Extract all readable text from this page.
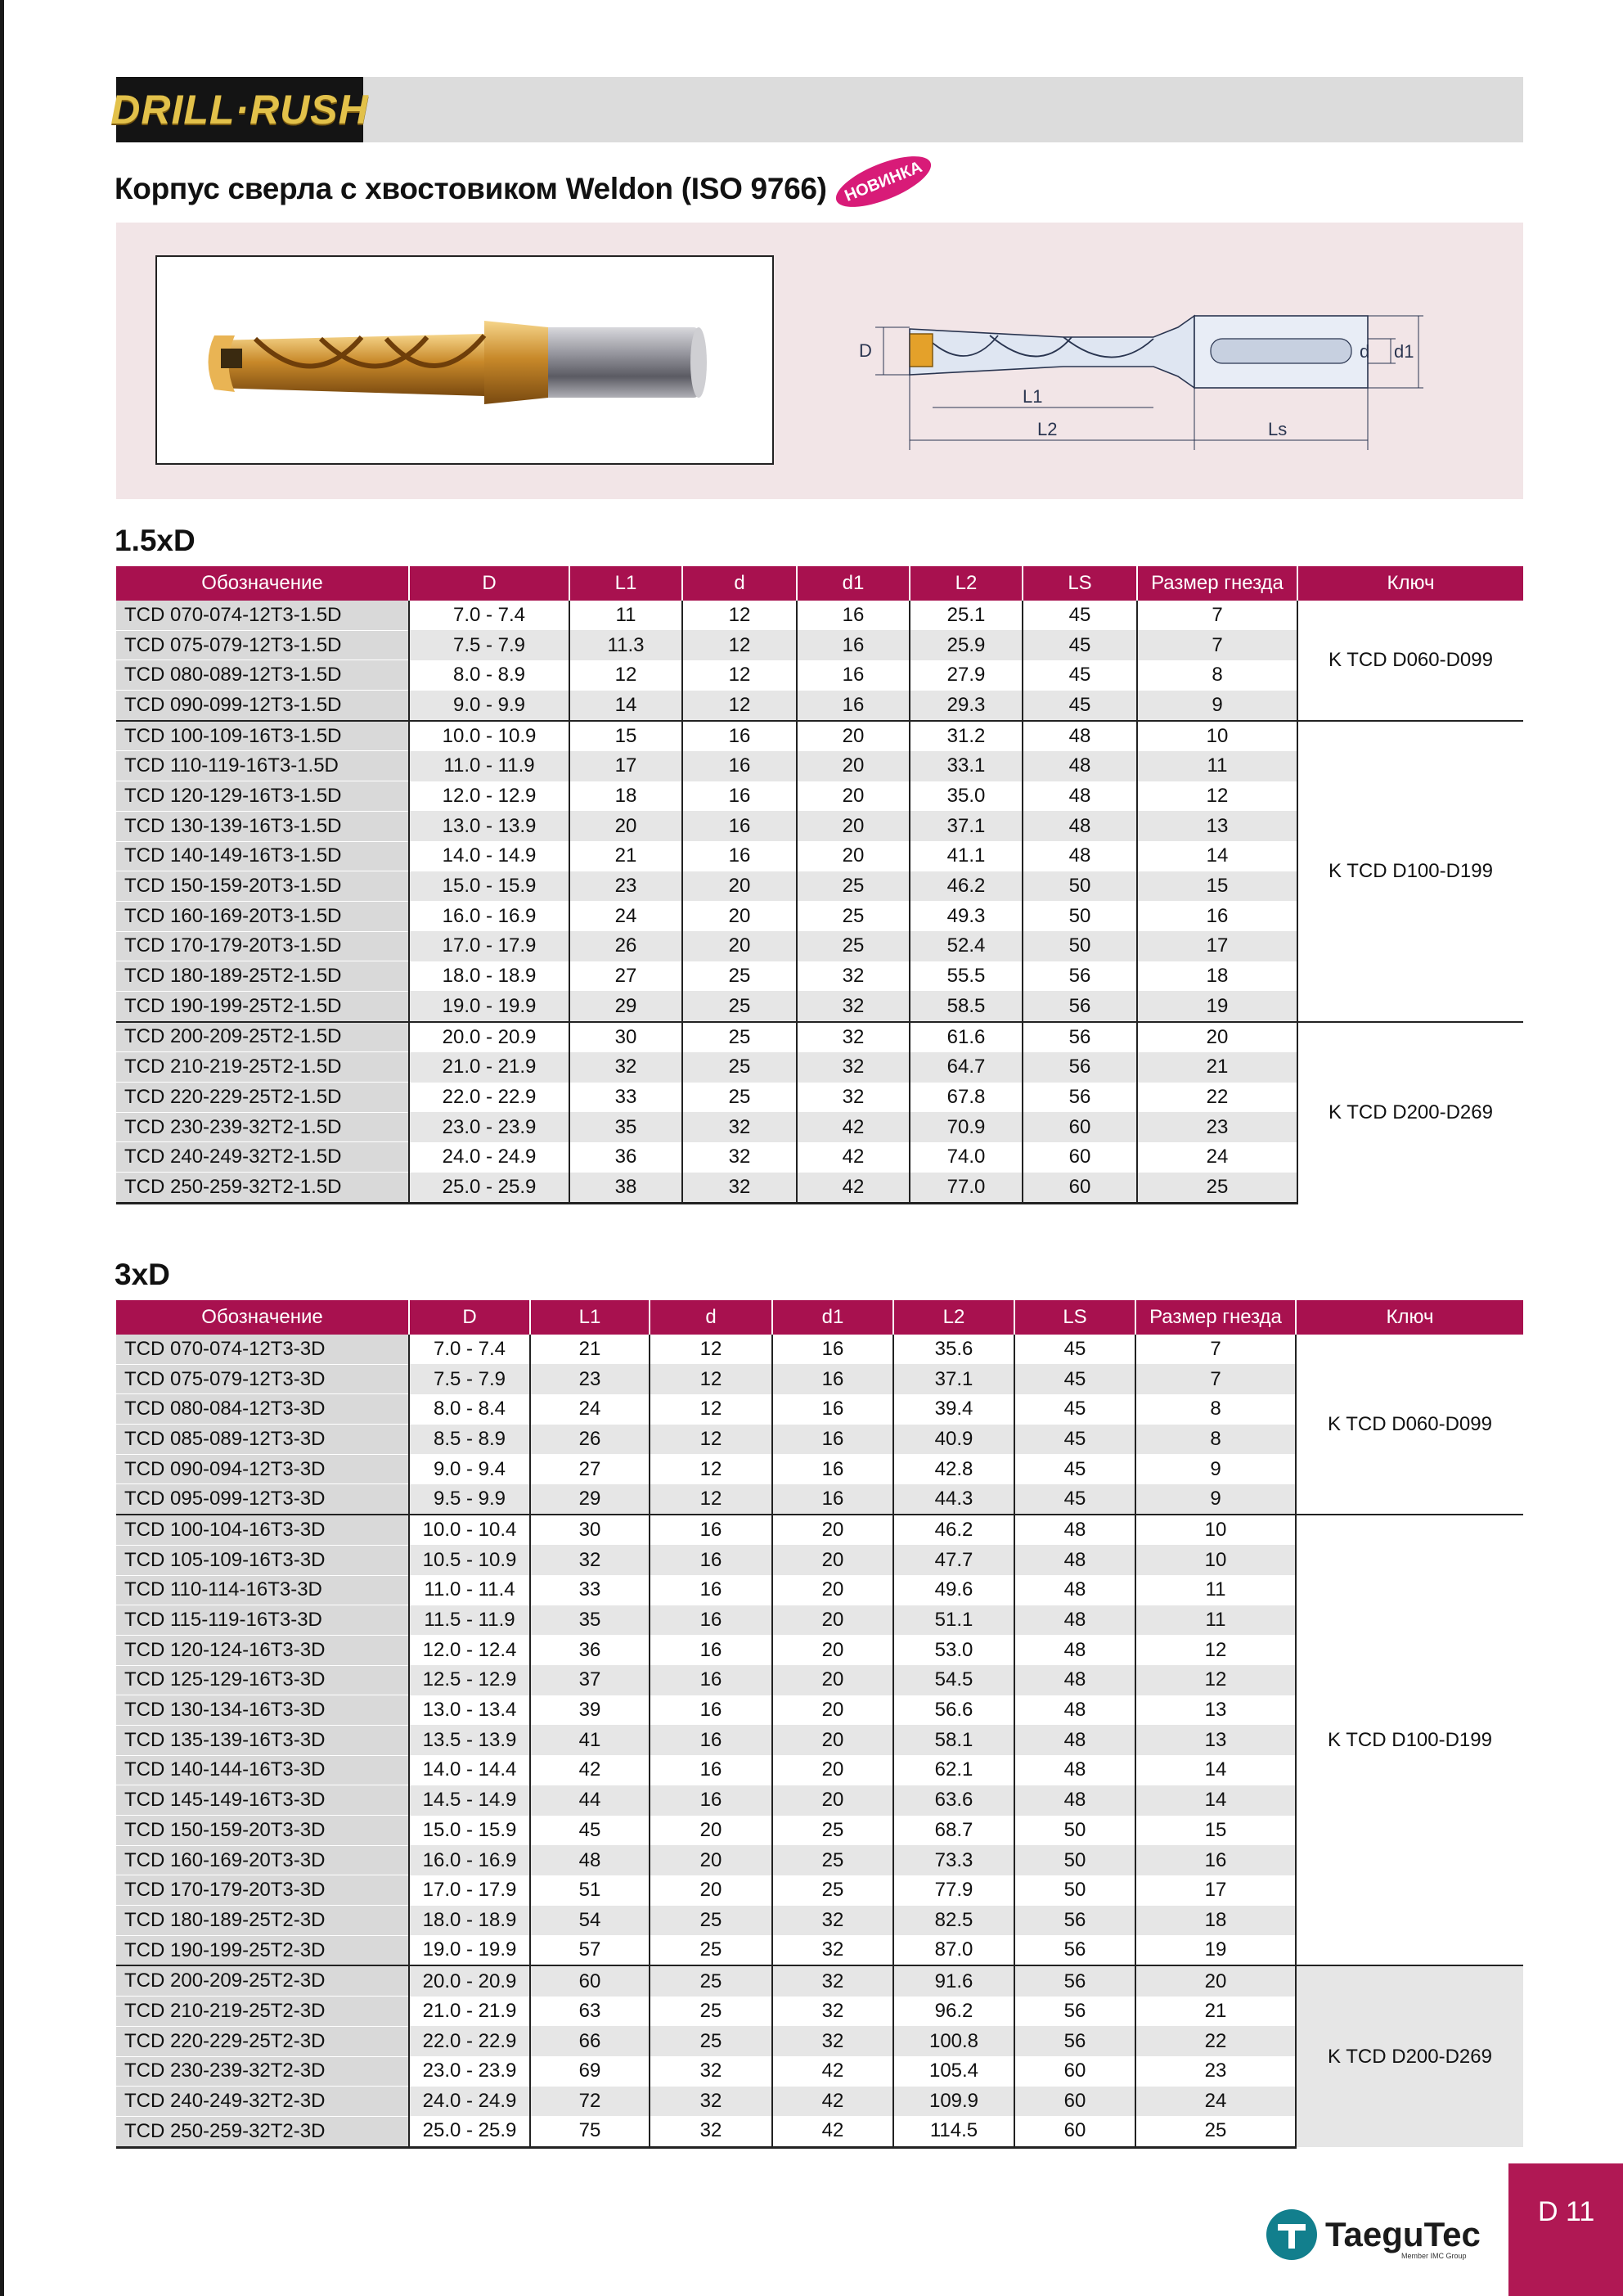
DRILL·RUSH
Корпус сверла с хвостовиком Weldon (ISO 9766) НОВИНКА
D
L1
L2	Ls
d d1
1.5xD
Обозначение	D	L1	d	d1	L2	LS	Размер гнезда	Ключ
TCD 070-074-12T3-1.5D	7.0 - 7.4	11	12	16	25.1	45	7	K TCD D060-D099
TCD 075-079-12T3-1.5D	7.5 - 7.9	11.3	12	16	25.9	45	7	
TCD 080-089-12T3-1.5D	8.0 - 8.9	12	12	16	27.9	45	8	
TCD 090-099-12T3-1.5D	9.0 - 9.9	14	12	16	29.3	45	9	
TCD 100-109-16T3-1.5D	10.0 - 10.9	15	16	20	31.2	48	10	K TCD D100-D199
TCD 110-119-16T3-1.5D	11.0 - 11.9	17	16	20	33.1	48	11	
TCD 120-129-16T3-1.5D	12.0 - 12.9	18	16	20	35.0	48	12	
TCD 130-139-16T3-1.5D	13.0 - 13.9	20	16	20	37.1	48	13	
TCD 140-149-16T3-1.5D	14.0 - 14.9	21	16	20	41.1	48	14	
TCD 150-159-20T3-1.5D	15.0 - 15.9	23	20	25	46.2	50	15	
TCD 160-169-20T3-1.5D	16.0 - 16.9	24	20	25	49.3	50	16	
TCD 170-179-20T3-1.5D	17.0 - 17.9	26	20	25	52.4	50	17	
TCD 180-189-25T2-1.5D	18.0 - 18.9	27	25	32	55.5	56	18	
TCD 190-199-25T2-1.5D	19.0 - 19.9	29	25	32	58.5	56	19	
TCD 200-209-25T2-1.5D	20.0 - 20.9	30	25	32	61.6	56	20	K TCD D200-D269
TCD 210-219-25T2-1.5D	21.0 - 21.9	32	25	32	64.7	56	21	
TCD 220-229-25T2-1.5D	22.0 - 22.9	33	25	32	67.8	56	22	
TCD 230-239-32T2-1.5D	23.0 - 23.9	35	32	42	70.9	60	23	
TCD 240-249-32T2-1.5D	24.0 - 24.9	36	32	42	74.0	60	24	
TCD 250-259-32T2-1.5D	25.0 - 25.9	38	32	42	77.0	60	25	
3xD
Обозначение	D	L1	d	d1	L2	LS	Размер гнезда	Ключ
TCD 070-074-12T3-3D	7.0 - 7.4	21	12	16	35.6	45	7	K TCD D060-D099
TCD 075-079-12T3-3D	7.5 - 7.9	23	12	16	37.1	45	7	
TCD 080-084-12T3-3D	8.0 - 8.4	24	12	16	39.4	45	8	
TCD 085-089-12T3-3D	8.5 - 8.9	26	12	16	40.9	45	8	
TCD 090-094-12T3-3D	9.0 - 9.4	27	12	16	42.8	45	9	
TCD 095-099-12T3-3D	9.5 - 9.9	29	12	16	44.3	45	9	
TCD 100-104-16T3-3D	10.0 - 10.4	30	16	20	46.2	48	10	K TCD D100-D199
TCD 105-109-16T3-3D	10.5 - 10.9	32	16	20	47.7	48	10	
TCD 110-114-16T3-3D	11.0 - 11.4	33	16	20	49.6	48	11	
TCD 115-119-16T3-3D	11.5 - 11.9	35	16	20	51.1	48	11	
TCD 120-124-16T3-3D	12.0 - 12.4	36	16	20	53.0	48	12	
TCD 125-129-16T3-3D	12.5 - 12.9	37	16	20	54.5	48	12	
TCD 130-134-16T3-3D	13.0 - 13.4	39	16	20	56.6	48	13	
TCD 135-139-16T3-3D	13.5 - 13.9	41	16	20	58.1	48	13	
TCD 140-144-16T3-3D	14.0 - 14.4	42	16	20	62.1	48	14	
TCD 145-149-16T3-3D	14.5 - 14.9	44	16	20	63.6	48	14	
TCD 150-159-20T3-3D	15.0 - 15.9	45	20	25	68.7	50	15	
TCD 160-169-20T3-3D	16.0 - 16.9	48	20	25	73.3	50	16	
TCD 170-179-20T3-3D	17.0 - 17.9	51	20	25	77.9	50	17	
TCD 180-189-25T2-3D	18.0 - 18.9	54	25	32	82.5	56	18	
TCD 190-199-25T2-3D	19.0 - 19.9	57	25	32	87.0	56	19	
TCD 200-209-25T2-3D	20.0 - 20.9	60	25	32	91.6	56	20	K TCD D200-D269
TCD 210-219-25T2-3D	21.0 - 21.9	63	25	32	96.2	56	21	
TCD 220-229-25T2-3D	22.0 - 22.9	66	25	32	100.8	56	22	
TCD 230-239-32T2-3D	23.0 - 23.9	69	32	42	105.4	60	23	
TCD 240-249-32T2-3D	24.0 - 24.9	72	32	42	109.9	60	24	
TCD 250-259-32T2-3D	25.0 - 25.9	75	32	42	114.5	60	25	
TaeguTec
Member IMC Group
D 11
